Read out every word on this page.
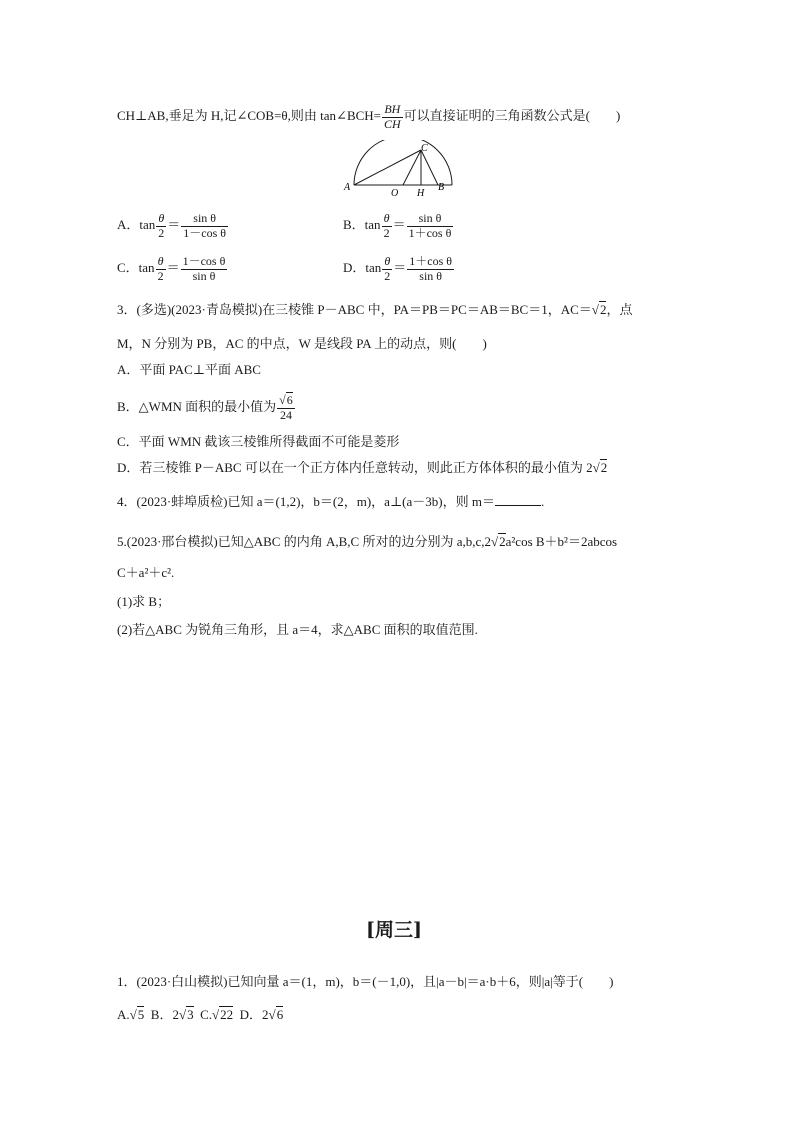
CH⊥AB,垂足为 H,记∠COB=θ,则由 tan∠BCH= $\frac{BH}{CH}$ 可以直接证明的三角函数公式是(　　)
A
O H
B
C
A．$\tan \frac{\theta}{2} = \frac{\text{sin θ}}{\text{1－cos θ}}$	B．$\tan \frac{\theta}{2} = \frac{\text{sin θ}}{\text{1＋cos θ}}$
C．$\tan \frac{\theta}{2} = \frac{\text{1－cos θ}}{\text{sin θ}}$	D．$\tan \frac{\theta}{2} = \frac{\text{1＋cos θ}}{\text{sin θ}}$
3．(多选)(2023·青岛模拟)在三棱锥 P－ABC 中，PA＝PB＝PC＝AB＝BC＝1，AC＝√2，点
M，N 分别为 PB，AC 的中点，W 是线段 PA 上的动点，则(　　)
A．平面 PAC⊥平面 ABC
B．△WMN 面积的最小值为 $\frac{√6}{24}$
C．平面 WMN 截该三棱锥所得截面不可能是菱形
D．若三棱锥 P－ABC 可以在一个正方体内任意转动，则此正方体体积的最小值为 2√2
4．(2023·蚌埠质检)已知 a＝(1,2)，b＝(2，m)，a⊥(a－3b)，则 m＝	.
5.(2023·邢台模拟)已知△ABC 的内角 A,B,C 所对的边分别为 a,b,c,2√2a²cos B＋b²＝2abcos
C＋a²＋c².
(1)求 B；
(2)若△ABC 为锐角三角形，且 a＝4，求△ABC 面积的取值范围.
[周三]
1．(2023·白山模拟)已知向量 a＝(1，m)，b＝(－1,0)，且|a－b|＝a·b＋6，则|a|等于(　　)
A.√5 B．2√3 C.√22 D．2√6
